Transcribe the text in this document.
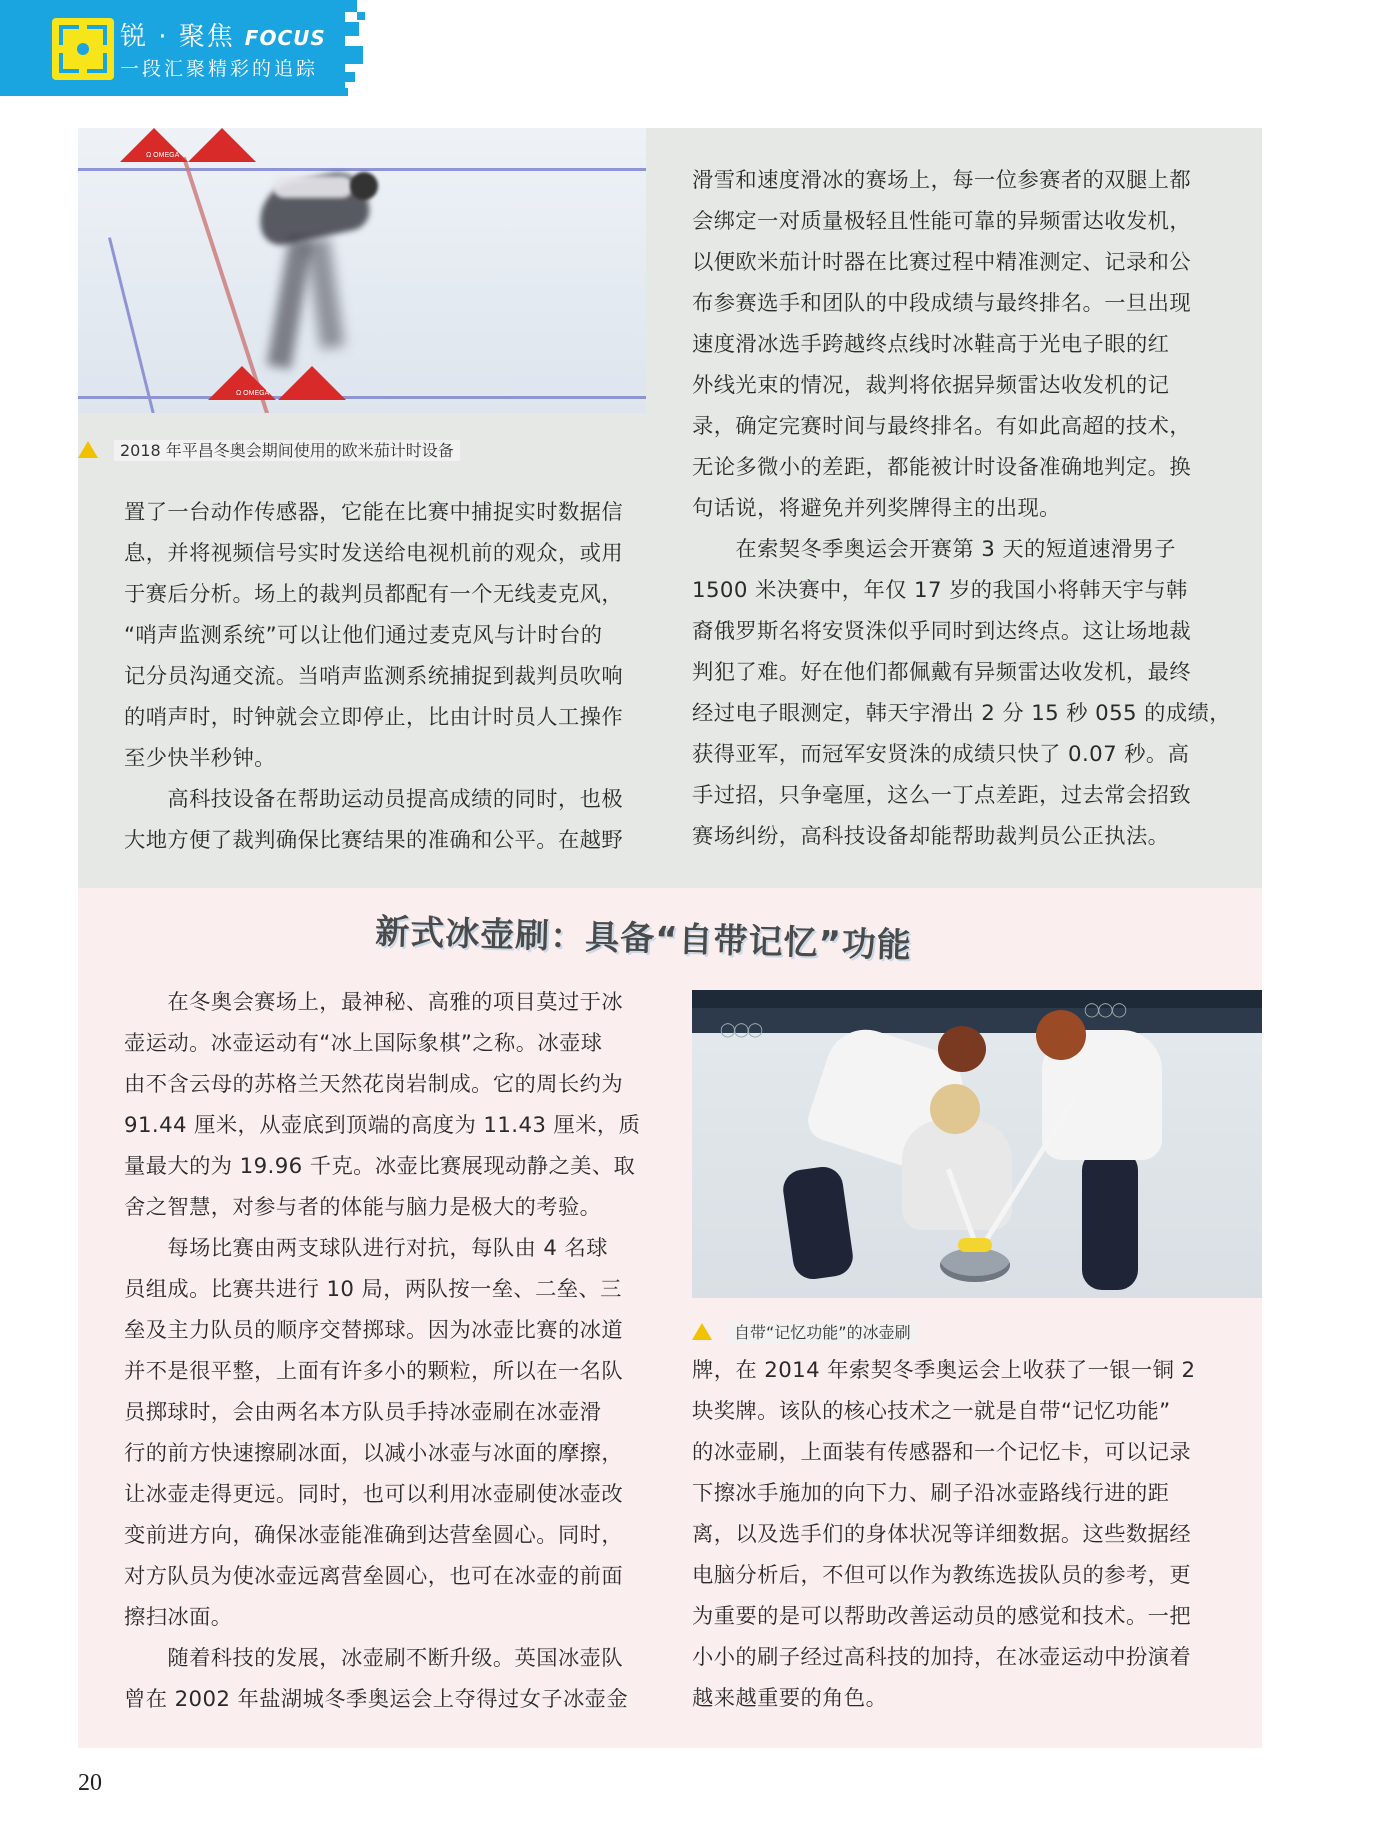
锐 · 聚焦 FOCUS
一段汇聚精彩的追踪
Ω OMEGA
Ω OMEGA
2018 年平昌冬奥会期间使用的欧米茄计时设备

置了一台动作传感器，它能在比赛中捕捉实时数据信

息，并将视频信号实时发送给电视机前的观众，或用

于赛后分析。场上的裁判员都配有一个无线麦克风，

“哨声监测系统”可以让他们通过麦克风与计时台的

记分员沟通交流。当哨声监测系统捕捉到裁判员吹响

的哨声时，时钟就会立即停止，比由计时员人工操作

至少快半秒钟。

　　高科技设备在帮助运动员提高成绩的同时，也极

大地方便了裁判确保比赛结果的准确和公平。在越野

滑雪和速度滑冰的赛场上，每一位参赛者的双腿上都

会绑定一对质量极轻且性能可靠的异频雷达收发机，

以便欧米茄计时器在比赛过程中精准测定、记录和公

布参赛选手和团队的中段成绩与最终排名。一旦出现

速度滑冰选手跨越终点线时冰鞋高于光电子眼的红

外线光束的情况，裁判将依据异频雷达收发机的记

录，确定完赛时间与最终排名。有如此高超的技术，

无论多微小的差距，都能被计时设备准确地判定。换

句话说，将避免并列奖牌得主的出现。

　　在索契冬季奥运会开赛第 3 天的短道速滑男子

1500 米决赛中，年仅 17 岁的我国小将韩天宇与韩

裔俄罗斯名将安贤洙似乎同时到达终点。这让场地裁

判犯了难。好在他们都佩戴有异频雷达收发机，最终

经过电子眼测定，韩天宇滑出 2 分 15 秒 055 的成绩，

获得亚军，而冠军安贤洙的成绩只快了 0.07 秒。高

手过招，只争毫厘，这么一丁点差距，过去常会招致

赛场纠纷，高科技设备却能帮助裁判员公正执法。

新式冰壶刷：具备“自带记忆”功能

　　在冬奥会赛场上，最神秘、高雅的项目莫过于冰

壶运动。冰壶运动有“冰上国际象棋”之称。冰壶球

由不含云母的苏格兰天然花岗岩制成。它的周长约为

91.44 厘米，从壶底到顶端的高度为 11.43 厘米，质

量最大的为 19.96 千克。冰壶比赛展现动静之美、取

舍之智慧，对参与者的体能与脑力是极大的考验。

　　每场比赛由两支球队进行对抗，每队由 4 名球

员组成。比赛共进行 10 局，两队按一垒、二垒、三

垒及主力队员的顺序交替掷球。因为冰壶比赛的冰道

并不是很平整，上面有许多小的颗粒，所以在一名队

员掷球时，会由两名本方队员手持冰壶刷在冰壶滑

行的前方快速擦刷冰面，以减小冰壶与冰面的摩擦，

让冰壶走得更远。同时，也可以利用冰壶刷使冰壶改

变前进方向，确保冰壶能准确到达营垒圆心。同时，

对方队员为使冰壶远离营垒圆心，也可在冰壶的前面

擦扫冰面。

　　随着科技的发展，冰壶刷不断升级。英国冰壶队

曾在 2002 年盐湖城冬季奥运会上夺得过女子冰壶金

◯◯◯
◯◯◯
自带“记忆功能”的冰壶刷

牌，在 2014 年索契冬季奥运会上收获了一银一铜 2

块奖牌。该队的核心技术之一就是自带“记忆功能”

的冰壶刷，上面装有传感器和一个记忆卡，可以记录

下擦冰手施加的向下力、刷子沿冰壶路线行进的距

离，以及选手们的身体状况等详细数据。这些数据经

电脑分析后，不但可以作为教练选拔队员的参考，更

为重要的是可以帮助改善运动员的感觉和技术。一把

小小的刷子经过高科技的加持，在冰壶运动中扮演着

越来越重要的角色。

20
